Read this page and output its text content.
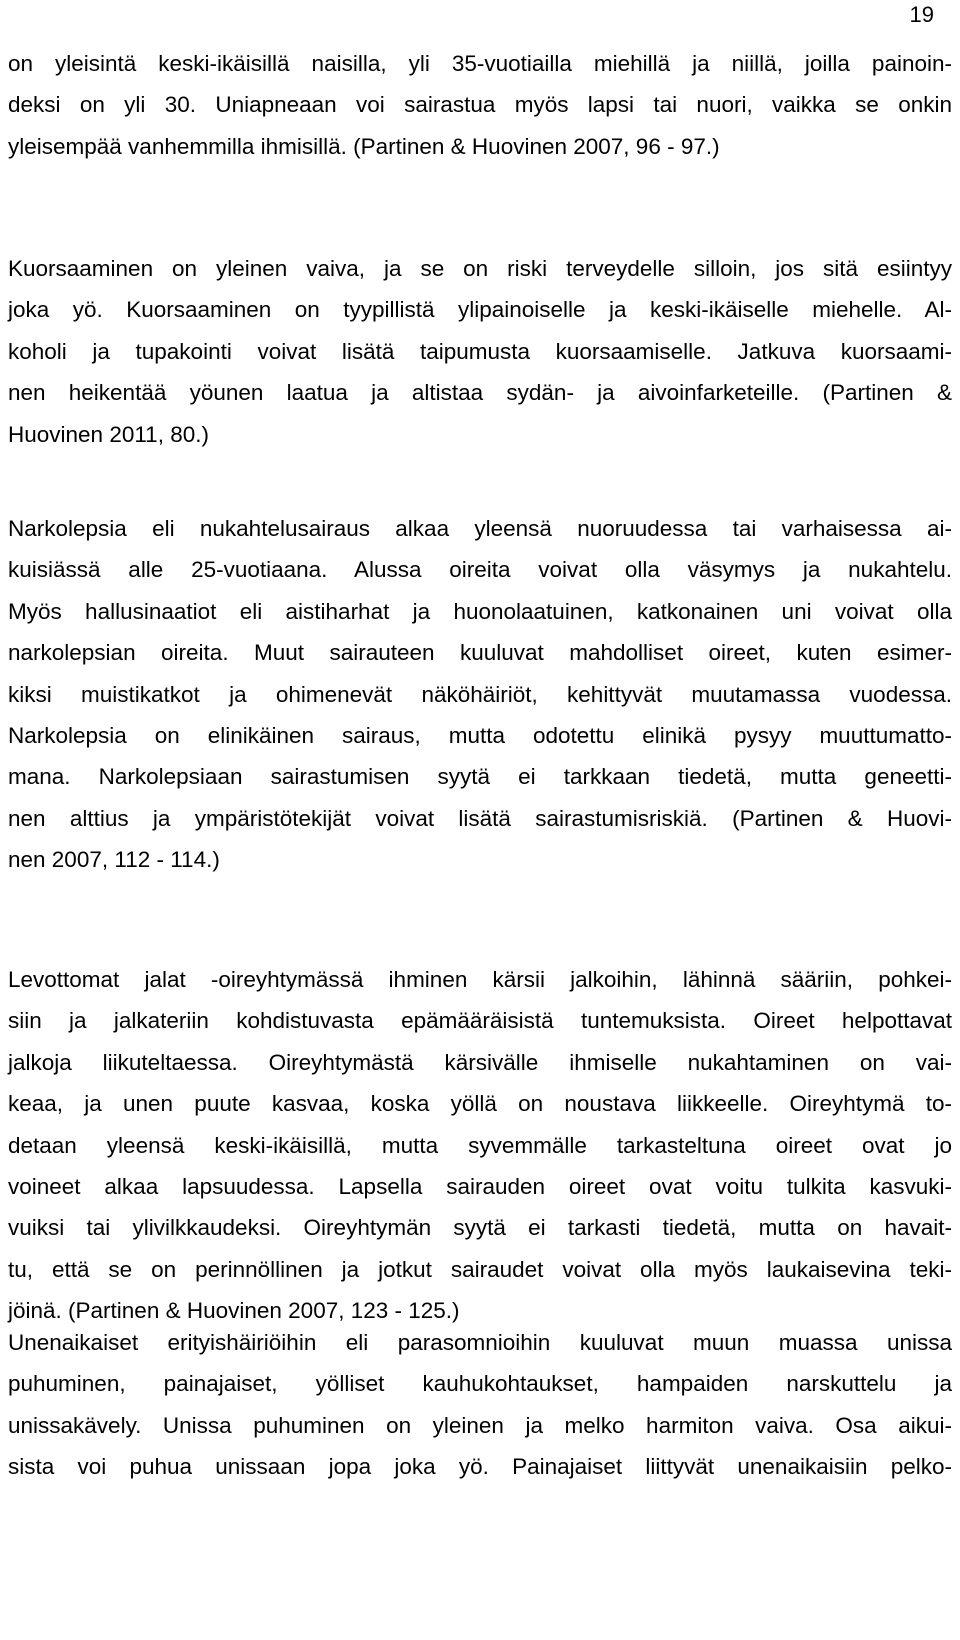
19
on yleisintä keski-ikäisillä naisilla, yli 35-vuotiailla miehillä ja niillä, joilla painoin-
deksi on yli 30. Uniapneaan voi sairastua myös lapsi tai nuori, vaikka se onkin
yleisempää vanhemmilla ihmisillä. (Partinen & Huovinen 2007, 96 - 97.)
Kuorsaaminen on yleinen vaiva, ja se on riski terveydelle silloin, jos sitä esiintyy
joka yö. Kuorsaaminen on tyypillistä ylipainoiselle ja keski-ikäiselle miehelle. Al-
koholi ja tupakointi voivat lisätä taipumusta kuorsaamiselle. Jatkuva kuorsaami-
nen heikentää yöunen laatua ja altistaa sydän- ja aivoinfarketeille. (Partinen &
Huovinen 2011, 80.)
Narkolepsia eli nukahtelusairaus alkaa yleensä nuoruudessa tai varhaisessa ai-
kuisiässä alle 25-vuotiaana. Alussa oireita voivat olla väsymys ja nukahtelu.
Myös hallusinaatiot eli aistiharhat ja huonolaatuinen, katkonainen uni voivat olla
narkolepsian oireita. Muut sairauteen kuuluvat mahdolliset oireet, kuten esimer-
kiksi muistikatkot ja ohimenevät näköhäiriöt, kehittyvät muutamassa vuodessa.
Narkolepsia on elinikäinen sairaus, mutta odotettu elinikä pysyy muuttumatto-
mana. Narkolepsiaan sairastumisen syytä ei tarkkaan tiedetä, mutta geneetti-
nen alttius ja ympäristötekijät voivat lisätä sairastumisriskiä. (Partinen & Huovi-
nen 2007, 112 - 114.)
Levottomat jalat -oireyhtymässä ihminen kärsii jalkoihin, lähinnä sääriin, pohkei-
siin ja jalkateriin kohdistuvasta epämääräisistä tuntemuksista. Oireet helpottavat
jalkoja liikuteltaessa. Oireyhtymästä kärsivälle ihmiselle nukahtaminen on vai-
keaa, ja unen puute kasvaa, koska yöllä on noustava liikkeelle. Oireyhtymä to-
detaan yleensä keski-ikäisillä, mutta syvemmälle tarkasteltuna oireet ovat jo
voineet alkaa lapsuudessa. Lapsella sairauden oireet ovat voitu tulkita kasvuki-
vuiksi tai ylivilkkaudeksi. Oireyhtymän syytä ei tarkasti tiedetä, mutta on havait-
tu, että se on perinnöllinen ja jotkut sairaudet voivat olla myös laukaisevina teki-
jöinä. (Partinen & Huovinen 2007, 123 - 125.)
Unenaikaiset erityishäiriöihin eli parasomnioihin kuuluvat muun muassa unissa
puhuminen, painajaiset, yölliset kauhukohtaukset, hampaiden narskuttelu ja
unissakävely. Unissa puhuminen on yleinen ja melko harmiton vaiva. Osa aikui-
sista voi puhua unissaan jopa joka yö. Painajaiset liittyvät unenaikaisiin pelko-
